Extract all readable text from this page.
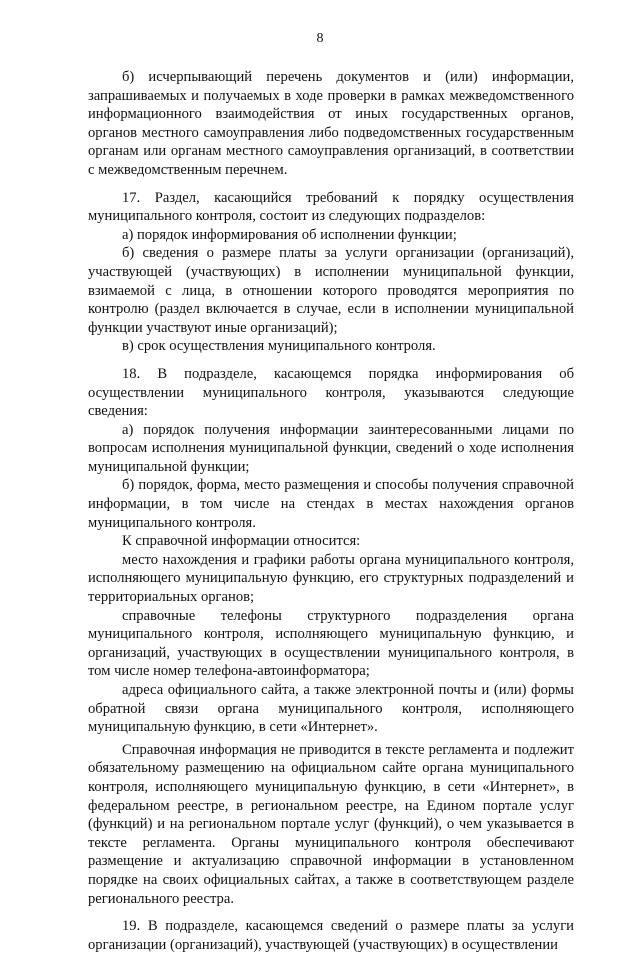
8

б) исчерпывающий перечень документов и (или) информации, запрашиваемых и получаемых в ходе проверки в рамках межведомственного информационного взаимодействия от иных государственных органов, органов местного самоуправления либо подведомственных государственным органам или органам местного самоуправления организаций, в соответствии с межведомственным перечнем.

17. Раздел, касающийся требований к порядку осуществления муниципального контроля, состоит из следующих подразделов:

а) порядок информирования об исполнении функции;

б) сведения о размере платы за услуги организации (организаций), участвующей (участвующих) в исполнении муниципальной функции, взимаемой с лица, в отношении которого проводятся мероприятия по контролю (раздел включается в случае, если в исполнении муниципальной функции участвуют иные организаций);

в) срок осуществления муниципального контроля.

18. В подразделе, касающемся порядка информирования об осуществлении муниципального контроля, указываются следующие сведения:

а) порядок получения информации заинтересованными лицами по вопросам исполнения муниципальной функции, сведений о ходе исполнения муниципальной функции;

б) порядок, форма, место размещения и способы получения справочной информации, в том числе на стендах в местах нахождения органов муниципального контроля.

К справочной информации относится:

место нахождения и графики работы органа муниципального контроля, исполняющего муниципальную функцию, его структурных подразделений и территориальных органов;

справочные телефоны структурного подразделения органа муниципального контроля, исполняющего муниципальную функцию, и организаций, участвующих в осуществлении муниципального контроля, в том числе номер телефона-автоинформатора;

адреса официального сайта, а также электронной почты и (или) формы обратной связи органа муниципального контроля, исполняющего муниципальную функцию, в сети «Интернет».

Справочная информация не приводится в тексте регламента и подлежит обязательному размещению на официальном сайте органа муниципального контроля, исполняющего муниципальную функцию, в сети «Интернет», в федеральном реестре, в региональном реестре, на Едином портале услуг (функций) и на региональном портале услуг (функций), о чем указывается в тексте регламента. Органы муниципального контроля обеспечивают размещение и актуализацию справочной информации в установленном порядке на своих официальных сайтах, а также в соответствующем разделе регионального реестра.

19. В подразделе, касающемся сведений о размере платы за услуги организации (организаций), участвующей (участвующих) в осуществлении
